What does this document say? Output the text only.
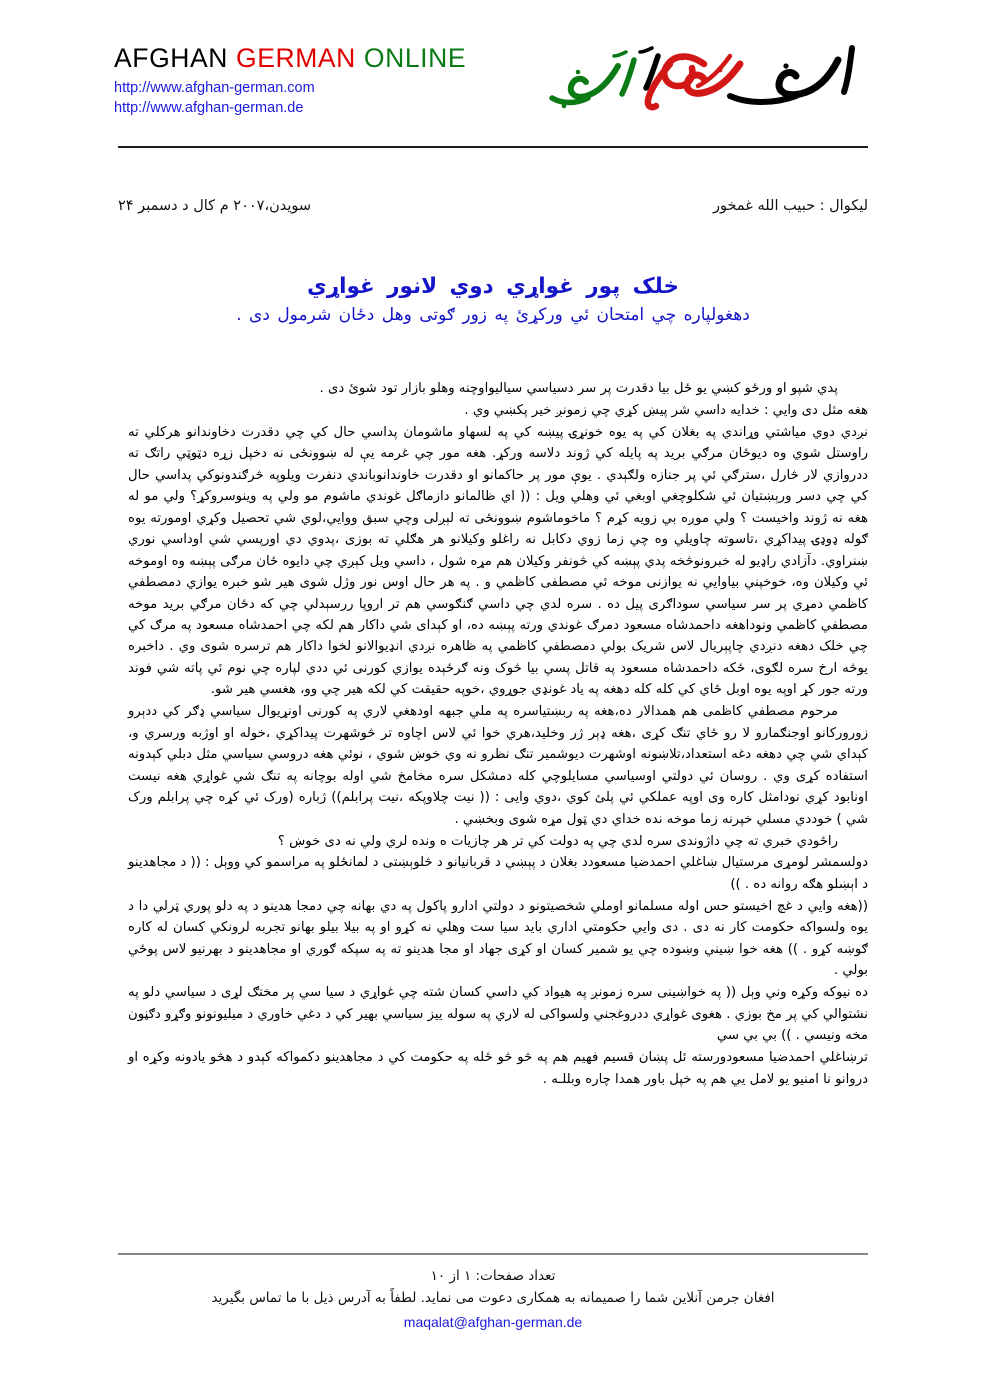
AFGHAN GERMAN ONLINE
http://www.afghan-german.com
http://www.afghan-german.de
ليکوال : حبيب الله غمخور
سويدن،۲۰۰۷ م کال د دسمبر ۲۴
خلک پور غواړي دوي لانور غواړي
دهغولپاره چي امتحان ئي ورکړئ په زور ګوتی وهل دځان شرمول دی .

پدي شپو او ورځو کښي يو ځل بيا دقدرت پر سر دسياسي سيالیواوچنه وهلو بازار تود شوئ دی .

هغه مثل دی وايي : خدايه داسي شر پيښ کړي چي زمونږ خير پکښي وي .

نږدي دوي مياشتي وړاندي په بغلان کي په يوه خونړۍ پيښه کي په لسهاو ماشومان پداسي حال کي چي دقدرت دخاوندانو هرکلي ته راوستل شوي وه ديوځان مرګي بريد په پايله کي ژوند دلاسه ورکړ. هغه مور چي غرمه یې له ښوونځی نه دخپل زړه دټوټي راتګ ته ددروازي لار څارل ،سترګي ئي پر جنازه ولګېدي . يوې مور پر حاکمانو او دقدرت خاوندانوباندي دنفرت ويلوپه څرګندونوکي پداسي حال کي چي دسر ورېښتيان ئي شکلوچغي اوبغي ئي وهلي ويل : (( اي ظالمانو دازماګل غوندي ماشوم مو ولي په وينوسروکړ؟ ولي مو له هغه نه ژوند واخيست ؟ ولي موږه بي زويه کړم ؟ ماخوماشوم ښوونځی ته لېږلی وچي سبق ووايي،لوي شي تحصيل وکړي اومورته يوه ګوله ډوډۍ پيداکړي ،تاسوته چاويلي وه چي زما زوي دکابل نه راغلو وکيلانو هر هګلي ته بوزی ،پدوي دي اورپسي شي اوداسي نوري ښنراوي. دآزادي راډيو له خبرونوڅخه پدي پېښه کي څونفر وکيلان هم مړه شول ، داسي ويل کېږي چي دايوه ځان مرګی پېښه وه اوموخه ئي وکيلان وه، خوخپني بياوايي نه يوازنی موخه ئي مصطفی کاظمي و . په هر حال اوس نور وژل شوی هير شو خبره يوازي دمصطفي کاظمي دمړي پر سر سياسي سوداګری پيل ده . سره لدي چي داسي ګنګوسي هم تر اروپا ررسېدلي چي که دځان مرګي بريد موخه مصطفي کاظمي ونوداهغه داحمدشاه مسعود دمرګ غوندي ورته پېښه ده، او کېدای شي داکار هم لکه چي احمدشاه مسعود په مرګ کي چي خلک دهغه دنږدي چاپېريال لاس شريک بولي دمصطفي کاظمي په ظاهره نږدي انډيوالانو لخوا داکار هم ترسره شوی وي . داخبره يوڅه ارخ سره لګوی، ځکه داحمدشاه مسعود په قاتل پسي بيا څوک ونه ګرځېده يوازي کورنی ئي ددي لپاره چي نوم ئي پاته شي فوند ورته جور کړ اوپه يوه اوبل ځاي کي کله کله دهغه په ياد غونډي جوړوي ،خوپه حقيقت کي لکه هير چي وو، هغسي هير شو.

مرحوم مصطفي کاظمی هم همدالار ده،هغه په ربښتياسره په ملي جبهه اودهغي لاري په کورنی اونړيوال سياسي ډګر کي ددېرو زورورکانو اوجنګمارو لا رو ځاي تنګ کړی ،هغه ډېر ژر وخليد،هري خوا ئي لاس اچاوه تر څوشهرت پيداکړي ،خوله او اوژبه ورسري و، کېداي شي چي دهغه دغه استعداد،تلاښونه اوشهرت ديوشمير تنګ نظرو نه وي خوښ شوي ، نوئي هغه دروسي سياسي مثل دبلي کېدونه استفاده کړی وي . روسان ئي دولتي اوسياسي مسايلوچي کله دمشکل سره مخامخ شي اوله بوچانه په تنګ شي غواړي هغه نيست اونابود کړي نودامثل کاره وی اوپه عملکي ئي پلئ کوي ،دوي وايی : (( نيت چلاوپکه ،نيت پرابلم)) ژباره (ورک ئي کړه چي پرابلم ورک شي ) خوددي مسلي خپرنه زما موخه نده خداي دي ټول مړه شوی وبخښي .

راځودي خبري ته چي داژوندی سره لدي چي په دولت کي تر هر چازيات ه ونده لري ولي نه دی خوښ ؟

دولسمشر لومړی مرستيال ښاغلي احمدضيا مسعودد بغلان د پېښي د قربانيانو د څلوېښتی د لمانځلو په مراسمو کي ووېل : (( د مجاهدينو د اېښلو هګه روانه ده . ))

((هغه وايي د غچ اخيستو حس اوله مسلمانو اوملي شخصيتونو د دولتي ادارو پاکول په دي بهانه چي دمجا هدينو د په دلو پوري ټرلي دا د يوه ولسواکه حکومت کار نه دی . دی وايي حکومتي اداري بايد سيا ست وهلي نه کړو او په بيلا بيلو بهانو تجربه لرونکي کسان له کاره ګوښه کړو . )) هغه خوا ښيني وښوده چي يو شمير کسان او کړی جهاد او مجا هدينو ته په سپکه ګوري او مجاهدينو د بهرنيو لاس پوځي بولي .

ده نيوکه وکړه وني وېل (( په خواښينی سره زمونږ په هيواد کي داسي کسان شته چي غواړي د سيا سي پر مختګ لړی د سياسي دلو په نشتوالي کي پر مخ بوزي . هغوی غواړي ددروغجني ولسواکی له لاري په سوله ييز سياسي بهير کي د دغي خاوري د ميليونونو وګړو دګڼون مخه ونيسي . )) بي بي سي

ترښاغلي احمدضيا مسعودورسته ئل پښان قسيم فهيم هم په څو څو ځله په حکومت کي د مجاهدينو دکمواکه کېدو د هڅو يادونه وکړه او دروانو نا امنيو يو لامل يي هم په خپل باور همدا چاره وبللـه .

تعداد صفحات: ۱ از ۱۰
افغان جرمن آنلاین شما را صمیمانه به همکاری دعوت می نماید. لطفاً به آدرس ذیل با ما تماس بگیرید
maqalat@afghan-german.de
